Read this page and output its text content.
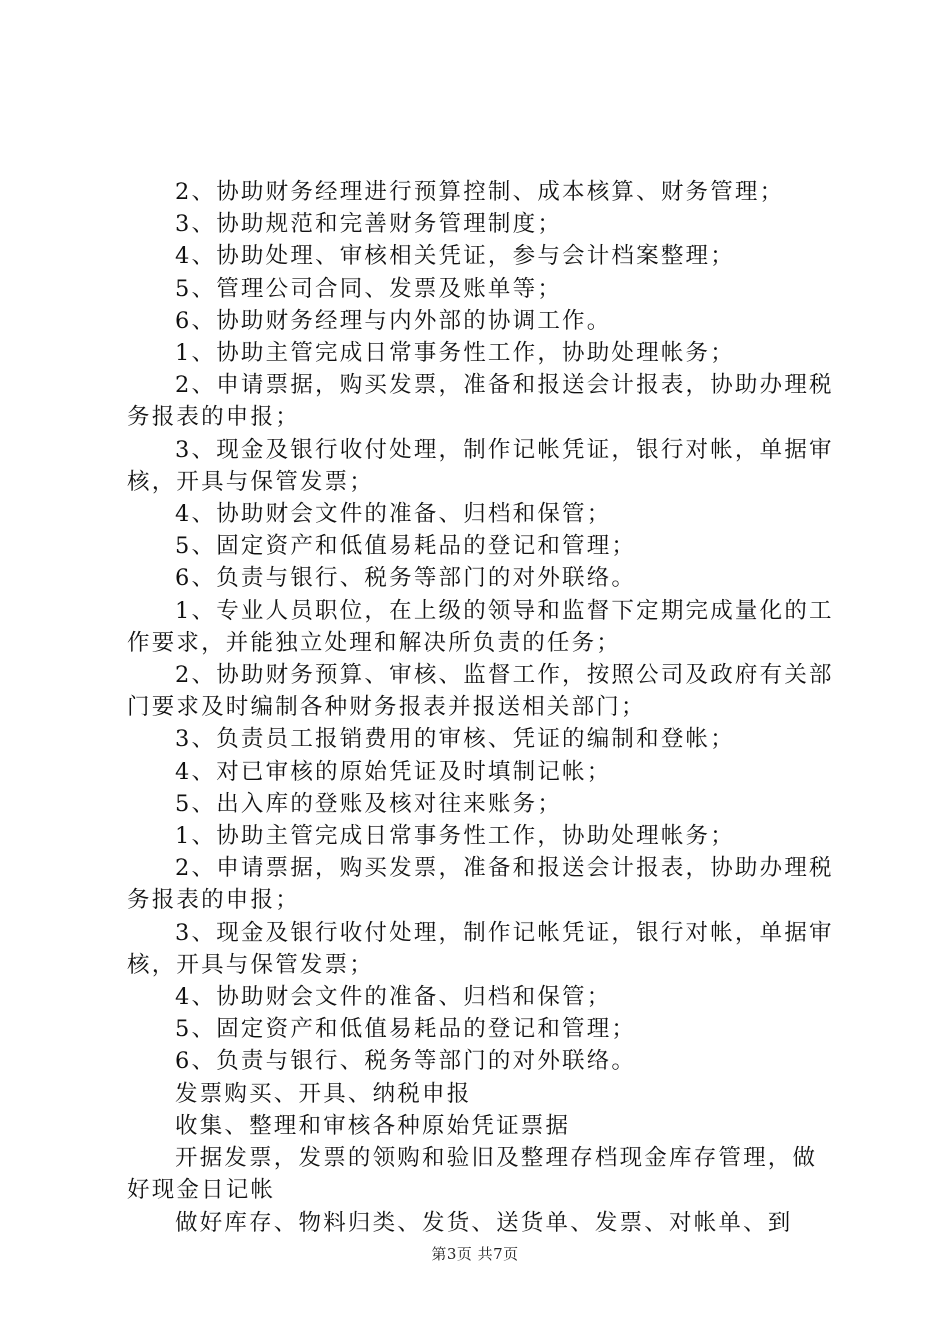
2、协助财务经理进行预算控制、成本核算、财务管理；

3、协助规范和完善财务管理制度；

4、协助处理、审核相关凭证，参与会计档案整理；

5、管理公司合同、发票及账单等；

6、协助财务经理与内外部的协调工作。

1、协助主管完成日常事务性工作，协助处理帐务；

2、申请票据，购买发票，准备和报送会计报表，协助办理税务报表的申报；

3、现金及银行收付处理，制作记帐凭证，银行对帐，单据审核，开具与保管发票；

4、协助财会文件的准备、归档和保管；

5、固定资产和低值易耗品的登记和管理；

6、负责与银行、税务等部门的对外联络。

1、专业人员职位，在上级的领导和监督下定期完成量化的工作要求，并能独立处理和解决所负责的任务；

2、协助财务预算、审核、监督工作，按照公司及政府有关部门要求及时编制各种财务报表并报送相关部门；

3、负责员工报销费用的审核、凭证的编制和登帐；

4、对已审核的原始凭证及时填制记帐；

5、出入库的登账及核对往来账务；

1、协助主管完成日常事务性工作，协助处理帐务；

2、申请票据，购买发票，准备和报送会计报表，协助办理税务报表的申报；

3、现金及银行收付处理，制作记帐凭证，银行对帐，单据审核，开具与保管发票；

4、协助财会文件的准备、归档和保管；

5、固定资产和低值易耗品的登记和管理；

6、负责与银行、税务等部门的对外联络。

发票购买、开具、纳税申报

收集、整理和审核各种原始凭证票据

开据发票，发票的领购和验旧及整理存档现金库存管理，做好现金日记帐

做好库存、物料归类、发货、送货单、发票、对帐单、到

第3页 共7页
